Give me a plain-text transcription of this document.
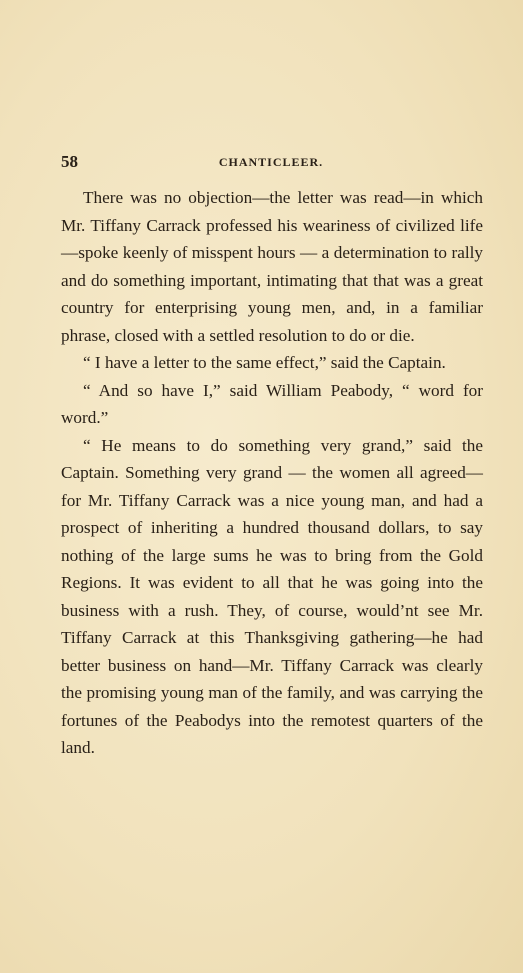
58	CHANTICLEER.

There was no objection—the letter was read—in which Mr. Tiffany Carrack professed his weariness of civilized life—spoke keenly of misspent hours — a determination to rally and do something important, intimating that that was a great country for enterprising young men, and, in a familiar phrase, closed with a settled resolution to do or die.

“ I have a letter to the same effect,” said the Captain.

“ And so have I,” said William Peabody, “ word for word.”

“ He means to do something very grand,” said the Captain. Something very grand — the women all agreed—for Mr. Tiffany Carrack was a nice young man, and had a prospect of inheriting a hundred thousand dollars, to say nothing of the large sums he was to bring from the Gold Regions. It was evident to all that he was going into the business with a rush. They, of course, would’nt see Mr. Tiffany Carrack at this Thanksgiving gathering—he had better business on hand—Mr. Tiffany Carrack was clearly the promising young man of the family, and was carrying the fortunes of the Peabodys into the remotest quarters of the land.
